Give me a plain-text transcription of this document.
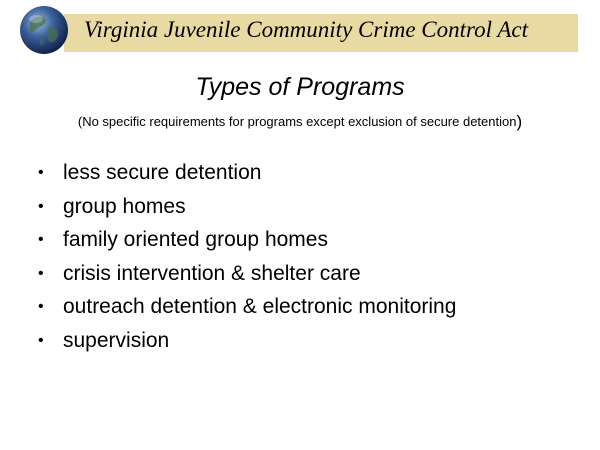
Virginia Juvenile Community Crime Control Act
Types of Programs
(No specific requirements for programs except exclusion of secure detention)
• less secure detention
• group homes
• family oriented group homes
• crisis intervention & shelter care
• outreach detention & electronic monitoring
• supervision
